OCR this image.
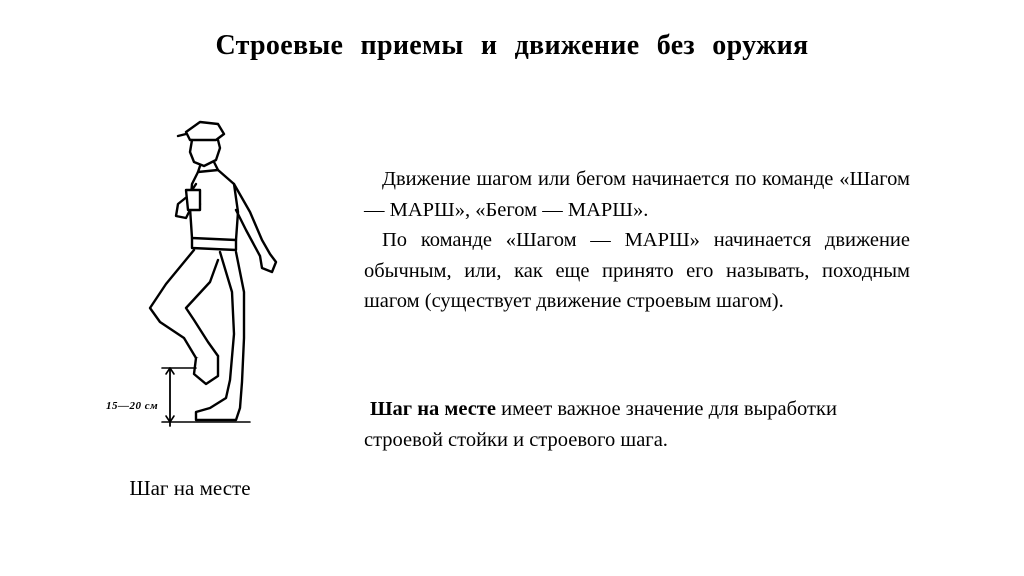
Строевые приемы и движение без оружия
15—20 см
Шаг на месте

Движение шагом или бегом начинается по команде «Шагом — МАРШ», «Бегом — МАРШ».

По команде «Шагом — МАРШ» начинается движение обычным, или, как еще принято его называть, походным шагом (существует движение строевым шагом).

Шаг на месте имеет важное значение для выработки строевой стойки и строевого шага.
